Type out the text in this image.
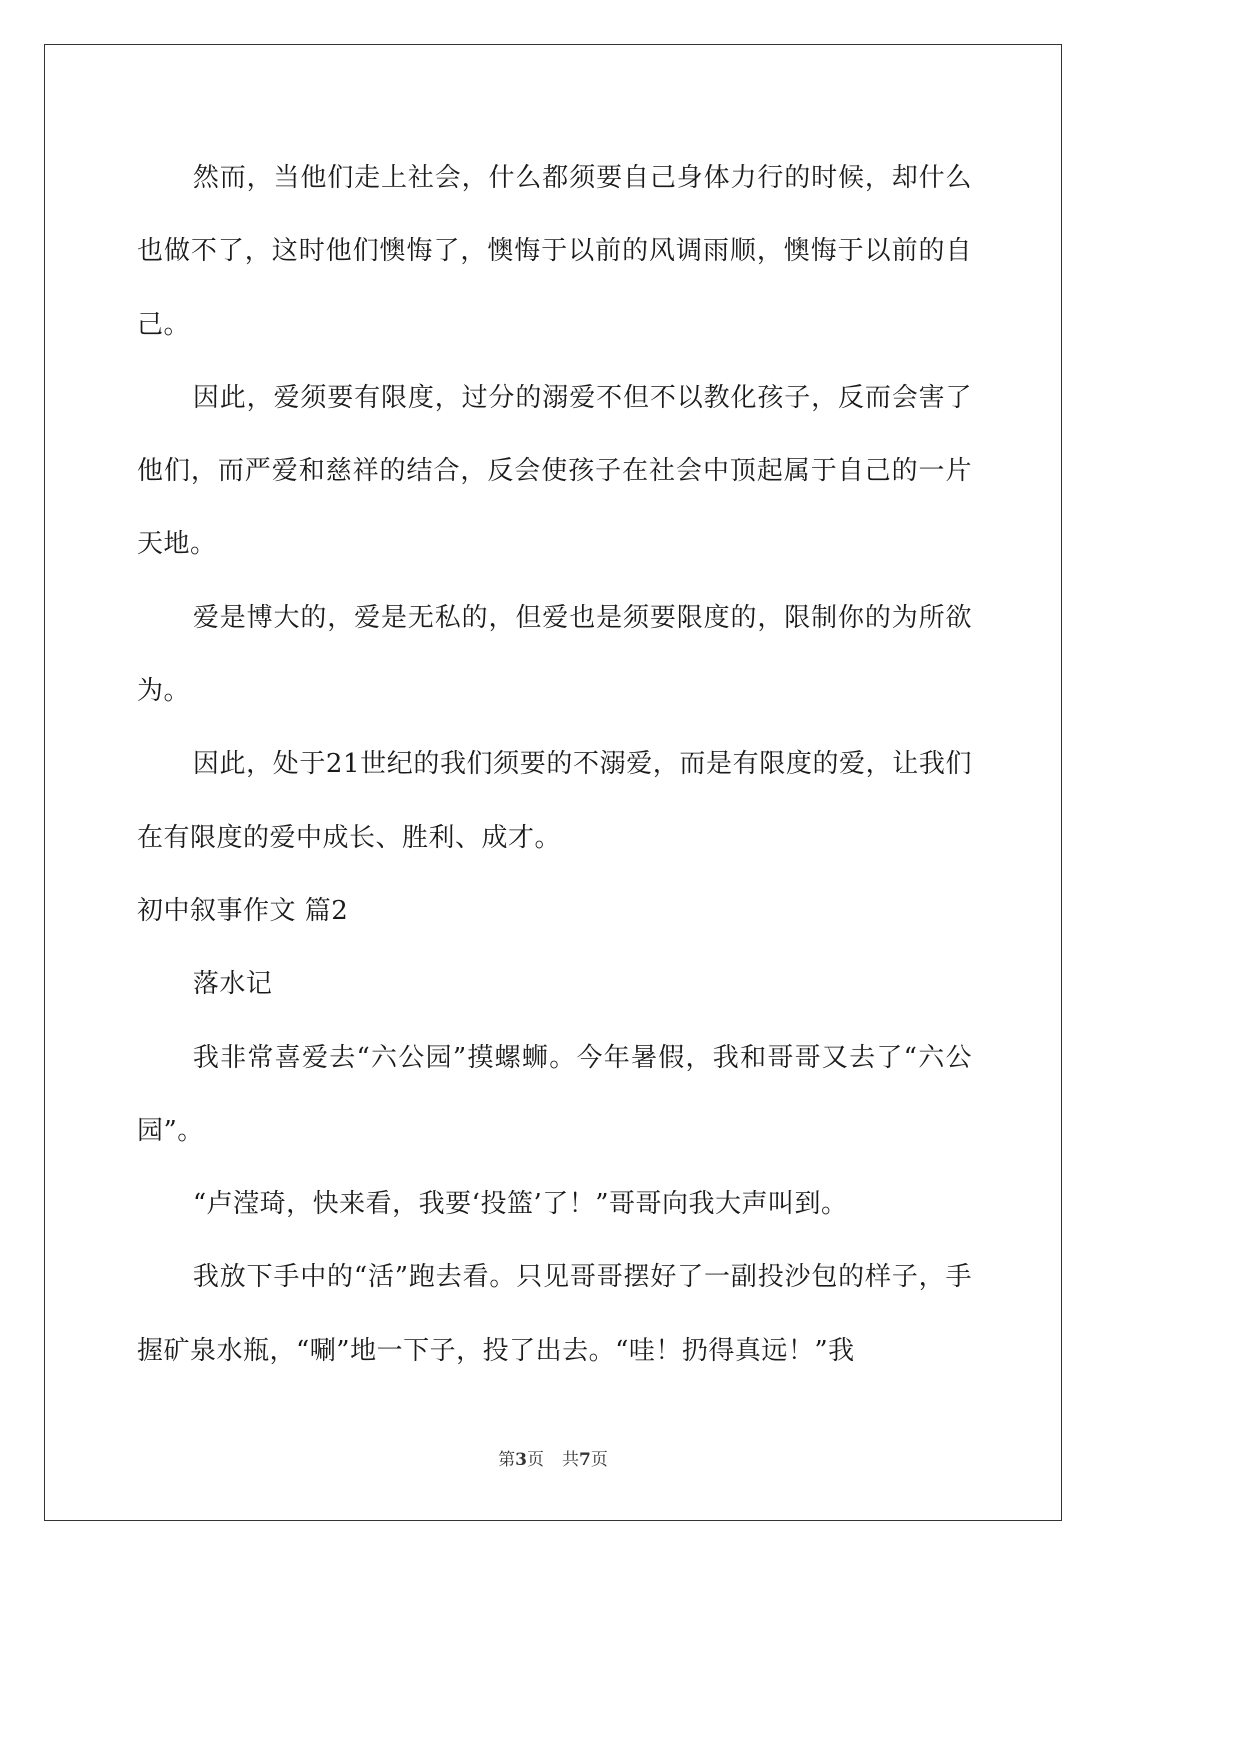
然而，当他们走上社会，什么都须要自己身体力行的时候，却什么也做不了，这时他们懊悔了，懊悔于以前的风调雨顺，懊悔于以前的自己。

因此，爱须要有限度，过分的溺爱不但不以教化孩子，反而会害了他们，而严爱和慈祥的结合，反会使孩子在社会中顶起属于自己的一片天地。

爱是博大的，爱是无私的，但爱也是须要限度的，限制你的为所欲为。

因此，处于21世纪的我们须要的不溺爱，而是有限度的爱，让我们在有限度的爱中成长、胜利、成才。

初中叙事作文 篇2

落水记

我非常喜爱去“六公园”摸螺蛳。今年暑假，我和哥哥又去了“六公园”。

“卢滢琦，快来看，我要‘投篮’了！”哥哥向我大声叫到。

我放下手中的“活”跑去看。只见哥哥摆好了一副投沙包的样子，手握矿泉水瓶，“唰”地一下子，投了出去。“哇！扔得真远！”我

第3页 共7页
